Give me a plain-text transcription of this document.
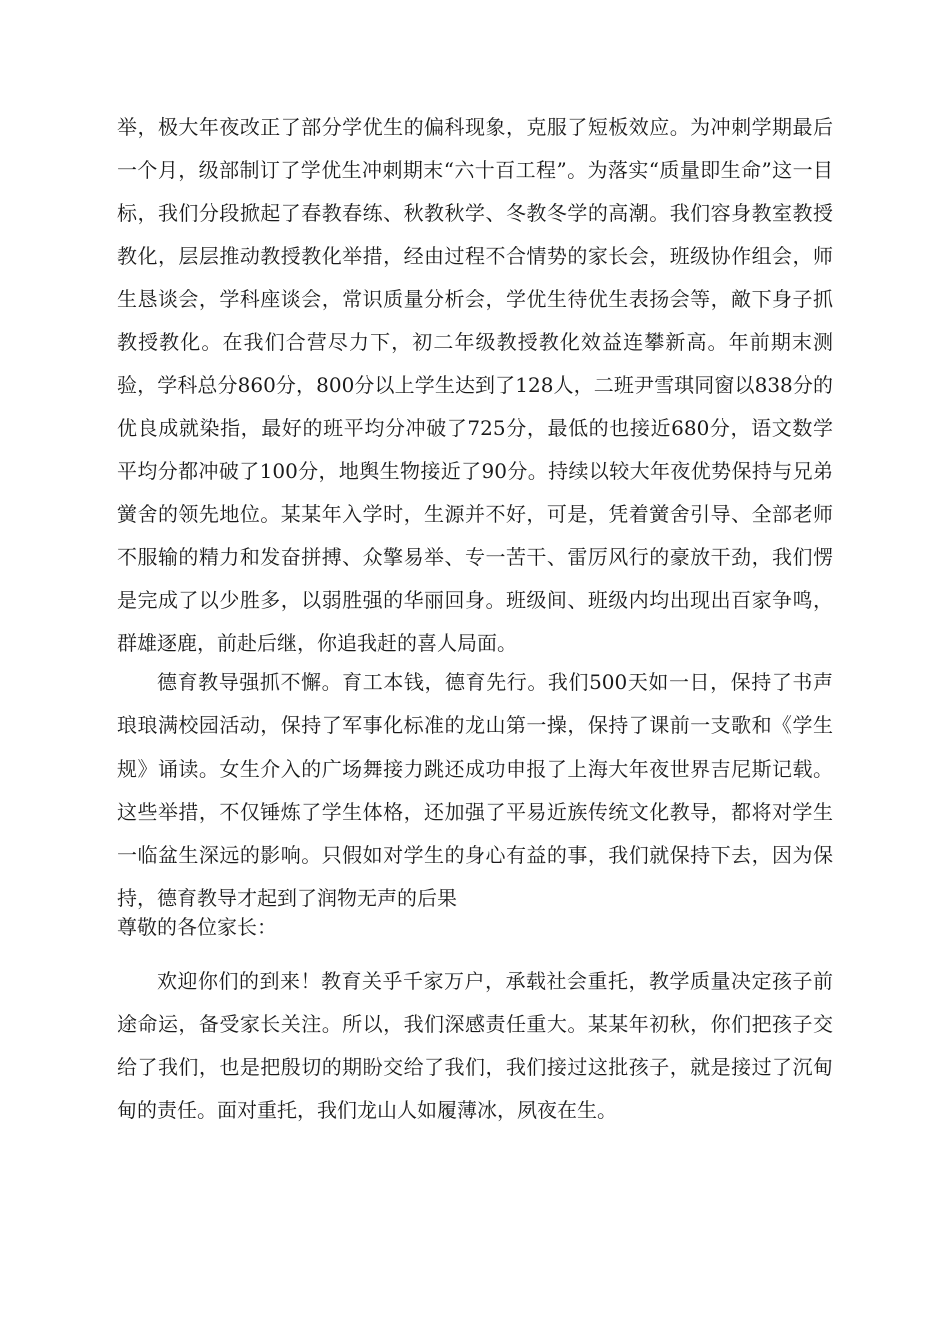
举，极大年夜改正了部分学优生的偏科现象，克服了短板效应。为冲刺学期最后一个月，级部制订了学优生冲刺期末“六十百工程”。为落实“质量即生命”这一目标，我们分段掀起了春教春练、秋教秋学、冬教冬学的高潮。我们容身教室教授教化，层层推动教授教化举措，经由过程不合情势的家长会，班级协作组会，师生恳谈会，学科座谈会，常识质量分析会，学优生待优生表扬会等，敵下身子抓教授教化。在我们合营尽力下，初二年级教授教化效益连攀新高。年前期末测验，学科总分860分，800分以上学生达到了128人，二班尹雪琪同窗以838分的优良成就染指，最好的班平均分冲破了725分，最低的也接近680分，语文数学平均分都冲破了100分，地舆生物接近了90分。持续以较大年夜优势保持与兄弟黉舍的领先地位。某某年入学时，生源并不好，可是，凭着黉舍引导、全部老师不服输的精力和发奋拼搏、众擎易举、专一苦干、雷厉风行的豪放干劲，我们愣是完成了以少胜多，以弱胜强的华丽回身。班级间、班级内均出现出百家争鸣，群雄逐鹿，前赴后继，你追我赶的喜人局面。

德育教导强抓不懈。育工本钱，德育先行。我们500天如一日，保持了书声琅琅满校园活动，保持了军事化标准的龙山第一操，保持了课前一支歌和《学生规》诵读。女生介入的广场舞接力跳还成功申报了上海大年夜世界吉尼斯记载。这些举措，不仅锤炼了学生体格，还加强了平易近族传统文化教导，都将对学生一临盆生深远的影响。只假如对学生的身心有益的事，我们就保持下去，因为保持，德育教导才起到了润物无声的后果

尊敬的各位家长：

欢迎你们的到来！教育关乎千家万户，承载社会重托，教学质量决定孩子前途命运，备受家长关注。所以，我们深感责任重大。某某年初秋，你们把孩子交给了我们，也是把殷切的期盼交给了我们，我们接过这批孩子，就是接过了沉甸甸的责任。面对重托，我们龙山人如履薄冰，夙夜在生。
